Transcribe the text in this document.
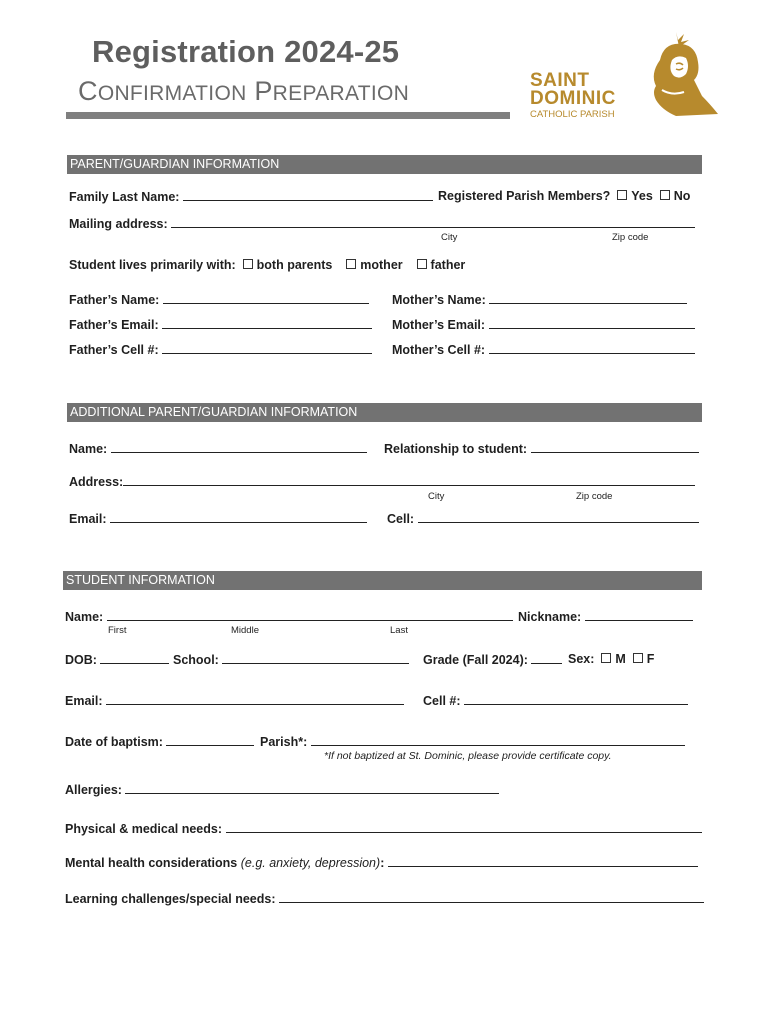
Registration 2024-25
CONFIRMATION PREPARATION
SAINT
DOMINIC
CATHOLIC PARISH
PARENT/GUARDIAN INFORMATION
Family Last Name:	Registered Parish Members? Yes No
Mailing address:
City	Zip code
Student lives primarily with: both parents mother father
Father’s Name:	Mother’s Name:
Father’s Email:	Mother’s Email:
Father’s Cell #:	Mother’s Cell #:
ADDITIONAL PARENT/GUARDIAN INFORMATION
Name:	Relationship to student:
Address:
City	Zip code
Email:	Cell:
STUDENT INFORMATION
Name:	Nickname:
First	Middle	Last
DOB:	School:	Grade (Fall 2024):	Sex: M F
Email:	Cell #:
Date of baptism:	Parish*:
*If not baptized at St. Dominic, please provide certificate copy.
Allergies:
Physical & medical needs:
Mental health considerations (e.g. anxiety, depression):
Learning challenges/special needs:
